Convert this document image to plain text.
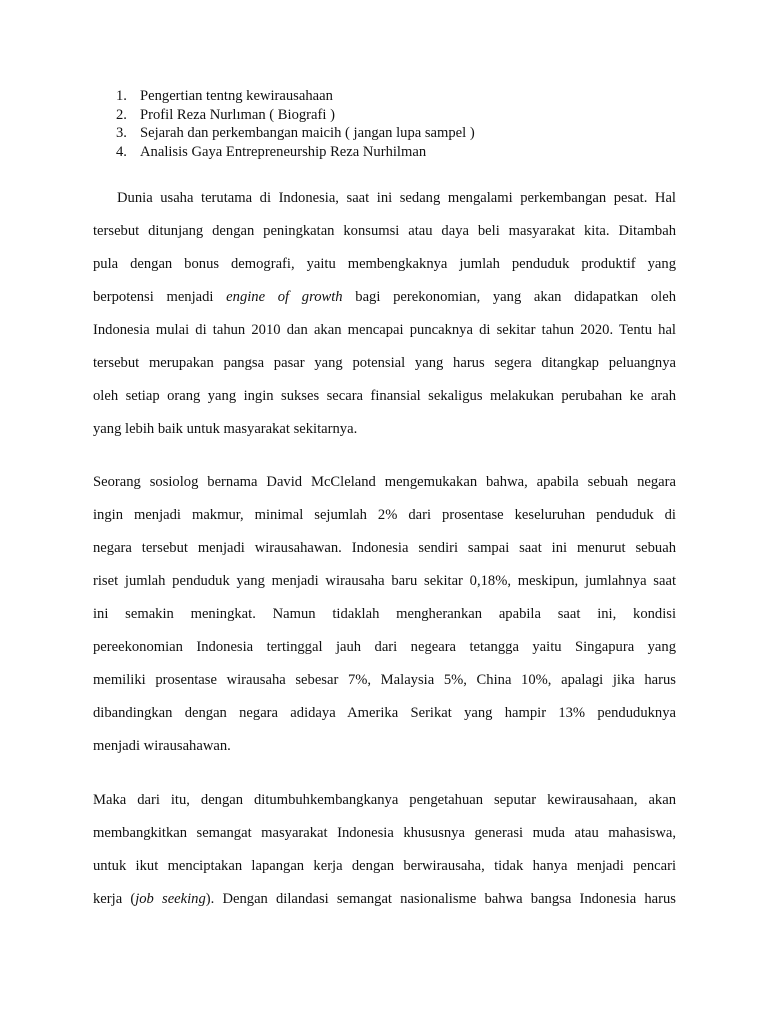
1. Pengertian tentng kewirausahaan
2. Profil Reza Nurlıman ( Biografi )
3. Sejarah dan perkembangan maicih ( jangan lupa sampel )
4. Analisis Gaya Entrepreneurship Reza Nurhilman
Dunia usaha terutama di Indonesia, saat ini sedang mengalami perkembangan pesat. Hal
tersebut ditunjang dengan peningkatan konsumsi atau daya beli masyarakat kita. Ditambah
pula dengan bonus demografi, yaitu membengkaknya jumlah penduduk produktif yang
berpotensi menjadi engine of growth bagi perekonomian, yang akan didapatkan oleh
Indonesia mulai di tahun 2010 dan akan mencapai puncaknya di sekitar tahun 2020. Tentu hal
tersebut merupakan pangsa pasar yang potensial yang harus segera ditangkap peluangnya
oleh setiap orang yang ingin sukses secara finansial sekaligus melakukan perubahan ke arah
yang lebih baik untuk masyarakat sekitarnya.
Seorang sosiolog bernama David McCleland mengemukakan bahwa, apabila sebuah negara
ingin menjadi makmur, minimal sejumlah 2% dari prosentase keseluruhan penduduk di
negara tersebut menjadi wirausahawan. Indonesia sendiri sampai saat ini menurut sebuah
riset jumlah penduduk yang menjadi wirausaha baru sekitar 0,18%, meskipun, jumlahnya saat
ini semakin meningkat. Namun tidaklah mengherankan apabila saat ini, kondisi
pereekonomian Indonesia tertinggal jauh dari negeara tetangga yaitu Singapura yang
memiliki prosentase wirausaha sebesar 7%, Malaysia 5%, China 10%, apalagi jika harus
dibandingkan dengan negara adidaya Amerika Serikat yang hampir 13% penduduknya
menjadi wirausahawan.
Maka dari itu, dengan ditumbuhkembangkanya pengetahuan seputar kewirausahaan, akan
membangkitkan semangat masyarakat Indonesia khususnya generasi muda atau mahasiswa,
untuk ikut menciptakan lapangan kerja dengan berwirausaha, tidak hanya menjadi pencari
kerja (job seeking). Dengan dilandasi semangat nasionalisme bahwa bangsa Indonesia harus
